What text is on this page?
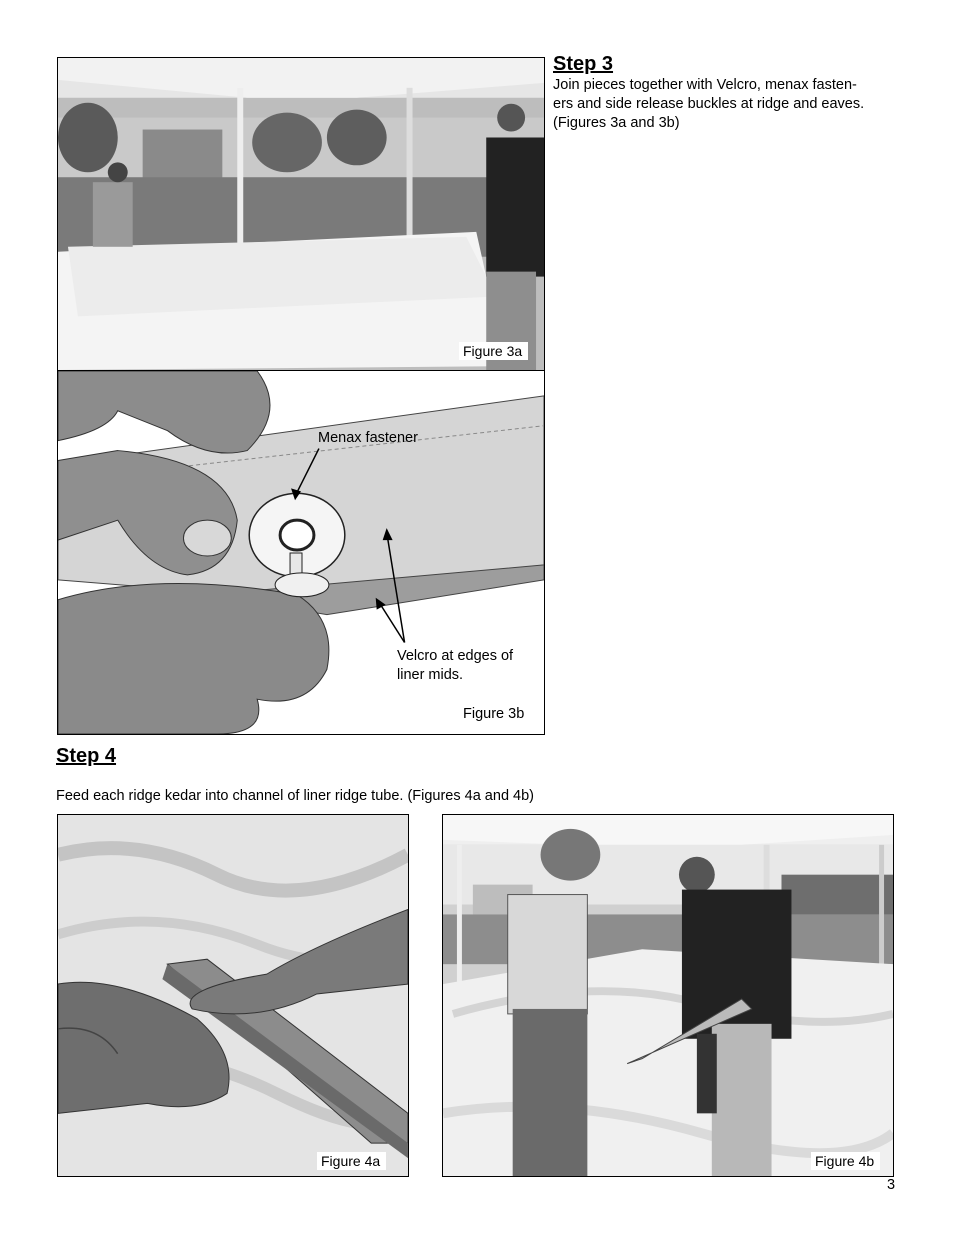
Figure 3a
Menax fastener
Velcro at edges of
liner mids.
Figure 3b
Step 3
Join pieces together with Velcro, menax fasten-
ers and side release buckles at ridge and eaves.
(Figures 3a and 3b)
Step 4
Feed each ridge kedar into channel of liner ridge tube. (Figures 4a and 4b)
Figure 4a	Figure 4b
3
